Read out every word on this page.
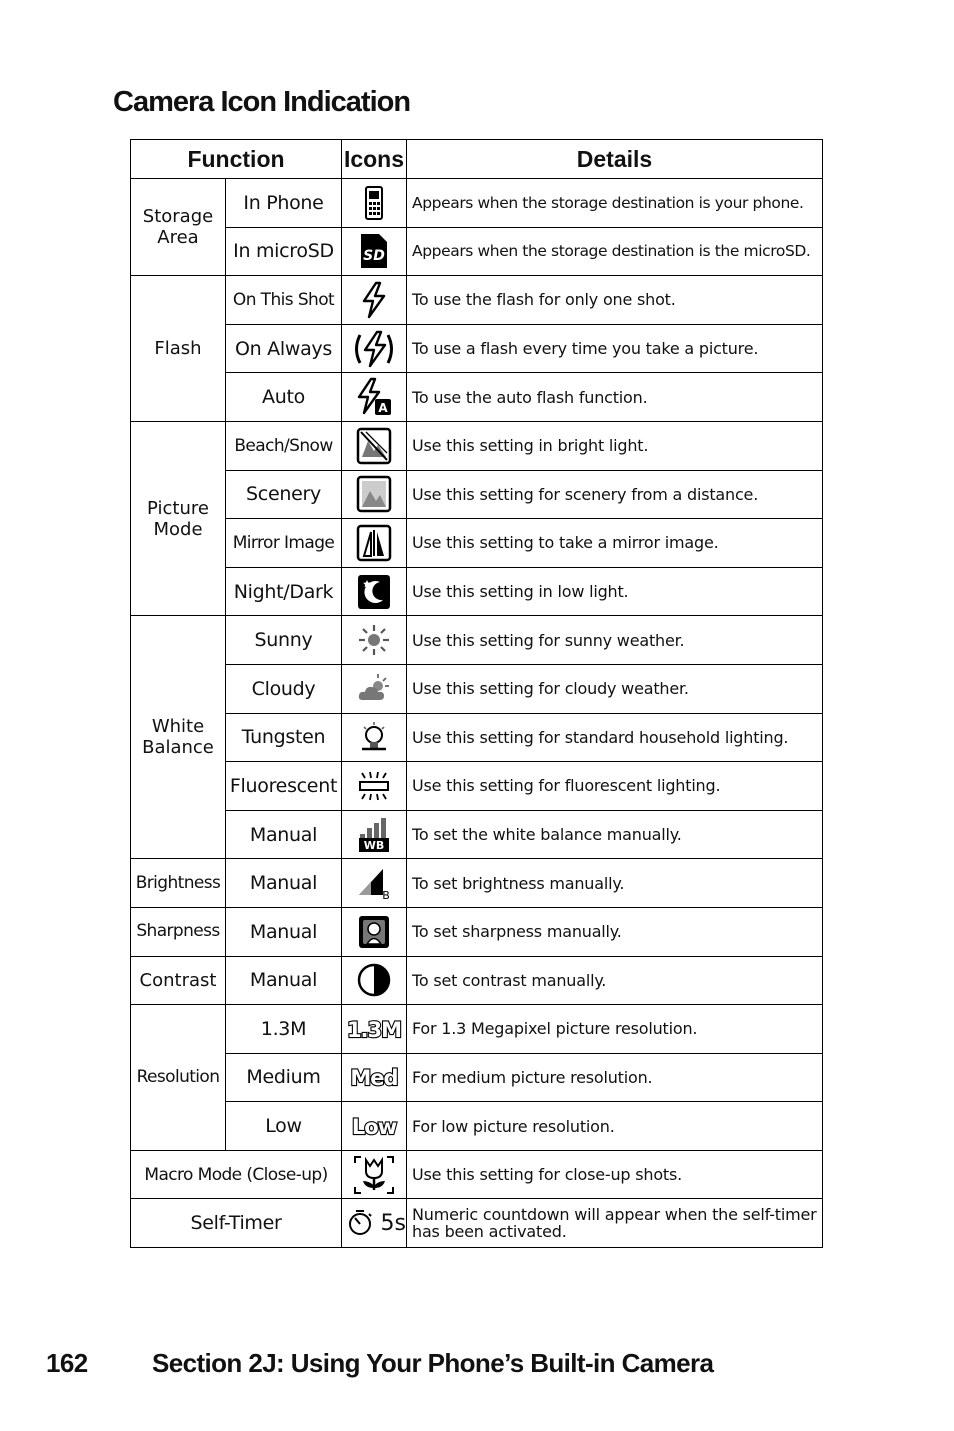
Camera Icon Indication
Function		Icons	Details
Storage Area	In Phone		Appears when the storage destination is your phone.
	In microSD	SD	Appears when the storage destination is the microSD.
Flash	On This Shot		To use the flash for only one shot.
	On Always		To use a flash every time you take a picture.
	Auto	A	To use the auto flash function.
Picture Mode	Beach/Snow		Use this setting in bright light.
	Scenery		Use this setting for scenery from a distance.
	Mirror Image		Use this setting to take a mirror image.
	Night/Dark		Use this setting in low light.
White Balance	Sunny		Use this setting for sunny weather.
	Cloudy		Use this setting for cloudy weather.
	Tungsten		Use this setting for standard household lighting.
	Fluorescent		Use this setting for fluorescent lighting.
	Manual	WB	To set the white balance manually.
Brightness	Manual	B	To set brightness manually.
Sharpness	Manual		To set sharpness manually.
Contrast	Manual		To set contrast manually.
Resolution	1.3M	1.3M	For 1.3 Megapixel picture resolution.
	Medium	Med	For medium picture resolution.
	Low	Low	For low picture resolution.
Macro Mode (Close-up)			Use this setting for close-up shots.
Self-Timer		5s	Numeric countdown will appear when the self-timer has been activated.
162 Section 2J: Using Your Phone’s Built-in Camera
